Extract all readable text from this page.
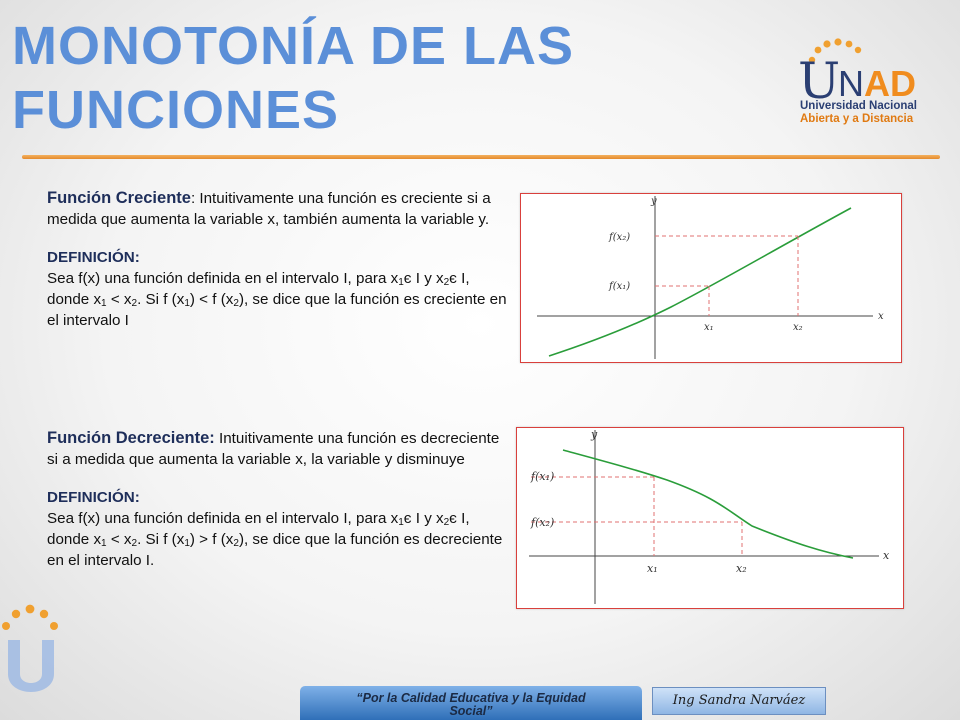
MONOTONÍA DE LAS
FUNCIONES	U
N AD
Universidad Nacional
Abierta y a Distancia
Función Creciente: Intuitivamente una función es creciente si a medida que aumenta la variable x, también aumenta la variable y.
DEFINICIÓN:
Sea f(x) una función definida en el intervalo I, para $x_1є$ I y $x_2є$ I, donde $x_1 < x_2$. Si f $(x_1) < f$ $(x_2)$, se dice que la función es creciente en el intervalo I
y
x
f(x₁)
f(x₂)
x₁	x₂
Función Decreciente: Intuitivamente una función es decreciente si a medida que aumenta la variable x, la variable y disminuye
DEFINICIÓN:
Sea f(x) una función definida en el intervalo I, para $x_1є$ I y $x_2є$ I, donde $x_1 < x_2$. Si f $(x_1) > f$ $(x_2)$, se dice que la función es decreciente en el intervalo I.
y
x
f(x₁)
f(x₂)
x₁	x₂
“Por la Calidad Educativa y la Equidad
Social”
Ing Sandra Narváez
